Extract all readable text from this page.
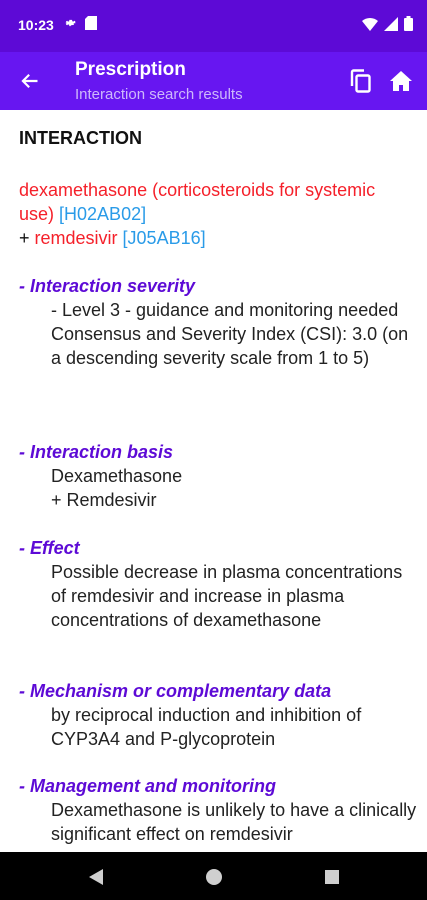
10:23
Prescription
Interaction search results
INTERACTION
dexamethasone (corticosteroids for systemic use) [H02AB02]
+ remdesivir [J05AB16]
- Interaction severity
- Level 3 - guidance and monitoring needed
Consensus and Severity Index (CSI): 3.0 (on a descending severity scale from 1 to 5)
- Interaction basis
Dexamethasone
+ Remdesivir
- Effect
Possible decrease in plasma concentrations of remdesivir and increase in plasma concentrations of dexamethasone
- Mechanism or complementary data
by reciprocal induction and inhibition of CYP3A4 and P-glycoprotein
- Management and monitoring
Dexamethasone is unlikely to have a clinically significant effect on remdesivir
